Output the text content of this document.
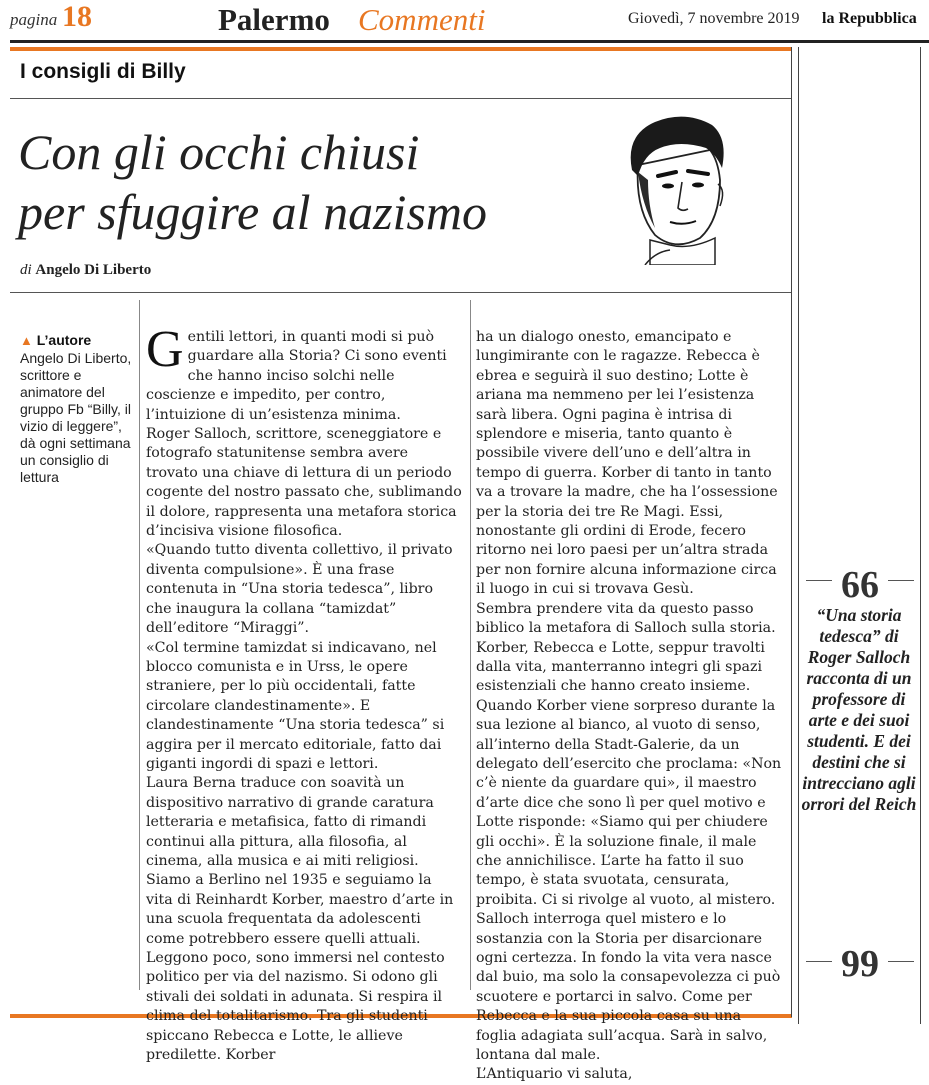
pagina 18	Palermo Commenti	Giovedì, 7 novembre 2019 la Repubblica
I consigli di Billy
Con gli occhi chiusi
per sfuggire al nazismo
di Angelo Di Liberto
▲ L’autore
Angelo Di Liberto, scrittore e animatore del gruppo Fb “Billy, il vizio di leggere”, dà ogni settimana un consiglio di lettura
G entili lettori, in quanti modi si può guardare alla Storia? Ci sono eventi che hanno inciso solchi nelle coscienze e impedito, per contro, l’intuizione di un’esistenza minima.

Roger Salloch, scrittore, sceneggiatore e fotografo statunitense sembra avere trovato una chiave di lettura di un periodo cogente del nostro passato che, sublimando il dolore, rappresenta una metafora storica d’incisiva visione filosofica.

«Quando tutto diventa collettivo, il privato diventa compulsione». È una frase contenuta in “Una storia tedesca”, libro che inaugura la collana “tamizdat” dell’editore “Miraggi”.

«Col termine tamizdat si indicavano, nel blocco comunista e in Urss, le opere straniere, per lo più occidentali, fatte circolare clandestinamente». E clandestinamente “Una storia tedesca” si aggira per il mercato editoriale, fatto dai giganti ingordi di spazi e lettori.

Laura Berna traduce con soavità un dispositivo narrativo di grande caratura letteraria e metafisica, fatto di rimandi continui alla pittura, alla filosofia, al cinema, alla musica e ai miti religiosi.

Siamo a Berlino nel 1935 e seguiamo la vita di Reinhardt Korber, maestro d’arte in una scuola frequentata da adolescenti come potrebbero essere quelli attuali. Leggono poco, sono immersi nel contesto politico per via del nazismo. Si odono gli stivali dei soldati in adunata. Si respira il clima del totalitarismo. Tra gli studenti spiccano Rebecca e Lotte, le allieve predilette. Korber

ha un dialogo onesto, emancipato e lungimirante con le ragazze. Rebecca è ebrea e seguirà il suo destino; Lotte è ariana ma nemmeno per lei l’esistenza sarà libera. Ogni pagina è intrisa di splendore e miseria, tanto quanto è possibile vivere dell’uno e dell’altra in tempo di guerra. Korber di tanto in tanto va a trovare la madre, che ha l’ossessione per la storia dei tre Re Magi. Essi, nonostante gli ordini di Erode, fecero ritorno nei loro paesi per un’altra strada per non fornire alcuna informazione circa il luogo in cui si trovava Gesù.

Sembra prendere vita da questo passo biblico la metafora di Salloch sulla storia. Korber, Rebecca e Lotte, seppur travolti dalla vita, manterranno integri gli spazi esistenziali che hanno creato insieme.

Quando Korber viene sorpreso durante la sua lezione al bianco, al vuoto di senso, all’interno della Stadt-Galerie, da un delegato dell’esercito che proclama: «Non c’è niente da guardare qui», il maestro d’arte dice che sono lì per quel motivo e Lotte risponde: «Siamo qui per chiudere gli occhi». È la soluzione finale, il male che annichilisce. L’arte ha fatto il suo tempo, è stata svuotata, censurata, proibita. Ci si rivolge al vuoto, al mistero. Salloch interroga quel mistero e lo sostanzia con la Storia per disarcionare ogni certezza. In fondo la vita vera nasce dal buio, ma solo la consapevolezza ci può scuotere e portarci in salvo. Come per Rebecca e la sua piccola casa su una foglia adagiata sull’acqua. Sarà in salvo, lontana dal male.

L’Antiquario vi saluta,

66
“Una storia tedesca” di Roger Salloch racconta di un professore di arte e dei suoi studenti. E dei destini che si intrecciano agli orrori del Reich
99
